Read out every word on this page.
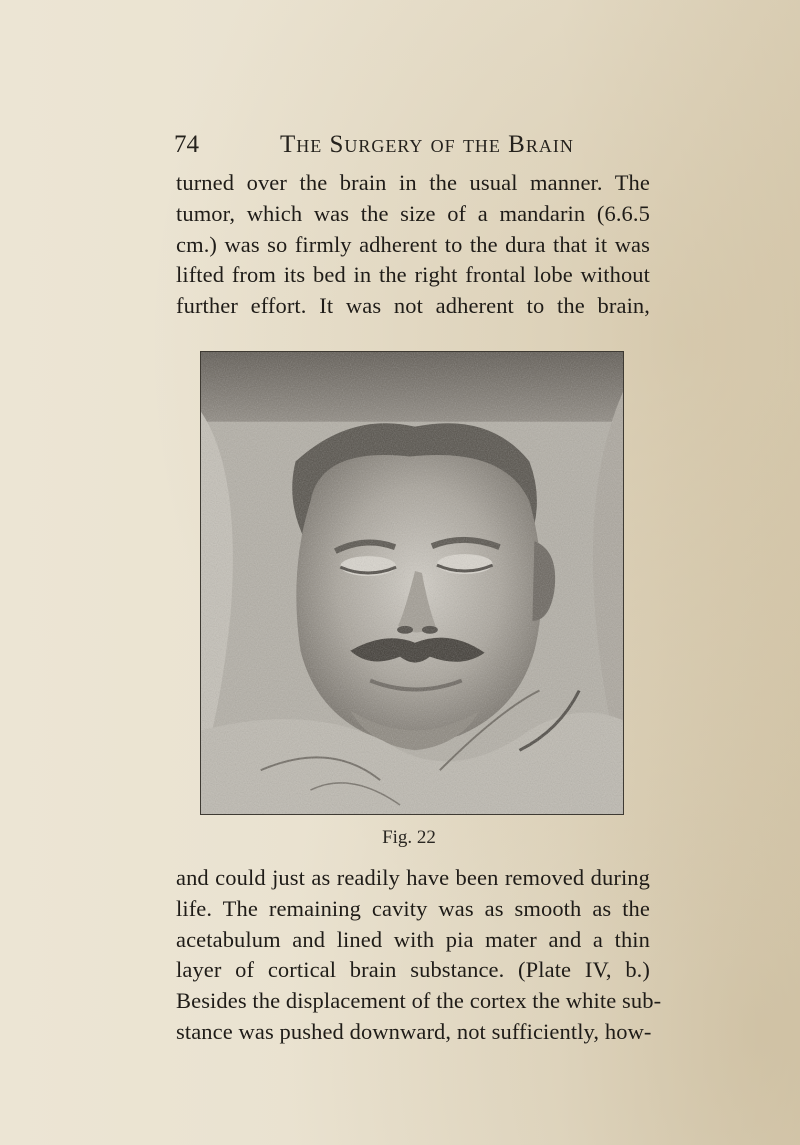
74	The Surgery of the Brain
turned over the brain in the usual manner. The
tumor, which was the size of a mandarin (6.6.5
cm.) was so firmly adherent to the dura that it was
lifted from its bed in the right frontal lobe without
further effort. It was not adherent to the brain,
Fig. 22
and could just as readily have been removed during
life. The remaining cavity was as smooth as the
acetabulum and lined with pia mater and a thin
layer of cortical brain substance. (Plate IV, b.)
Besides the displacement of the cortex the white sub-
stance was pushed downward, not sufficiently, how-
